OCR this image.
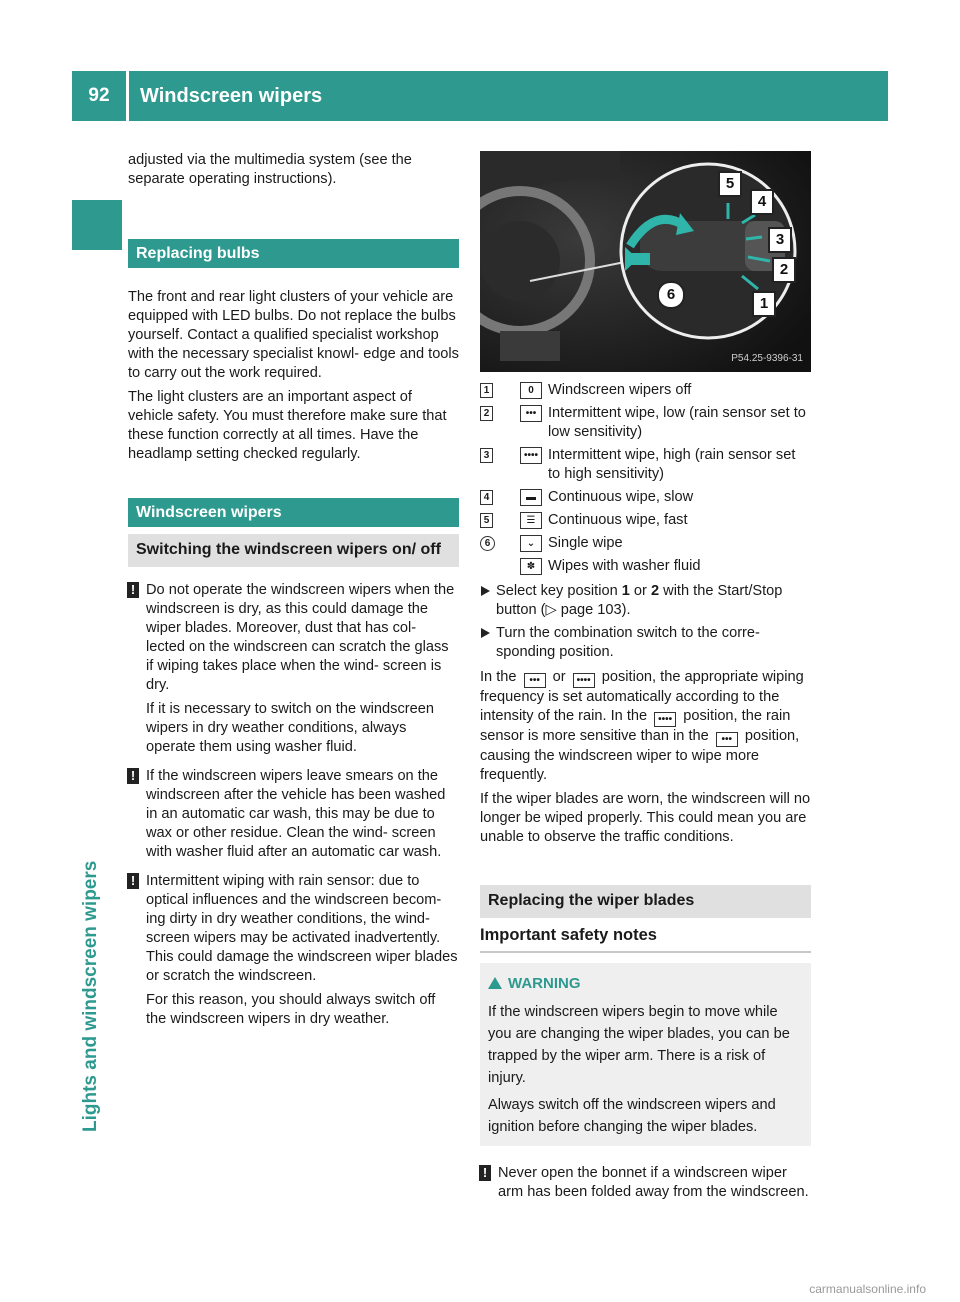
92	Windscreen wipers
Lights and windscreen wipers

adjusted via the multimedia system (see the separate operating instructions).

Replacing bulbs

The front and rear light clusters of your vehicle are equipped with LED bulbs. Do not replace the bulbs yourself. Contact a qualified specialist workshop with the necessary specialist knowl- edge and tools to carry out the work required.

The light clusters are an important aspect of vehicle safety. You must therefore make sure that these function correctly at all times. Have the headlamp setting checked regularly.

Windscreen wipers
Switching the windscreen wipers on/ off
! Do not operate the windscreen wipers when the windscreen is dry, as this could damage the wiper blades. Moreover, dust that has col- lected on the windscreen can scratch the glass if wiping takes place when the wind- screen is dry.

If it is necessary to switch on the windscreen wipers in dry weather conditions, always operate them using washer fluid.

! If the windscreen wipers leave smears on the windscreen after the vehicle has been washed in an automatic car wash, this may be due to wax or other residue. Clean the wind- screen with washer fluid after an automatic car wash.
! Intermittent wiping with rain sensor: due to optical influences and the windscreen becom- ing dirty in dry weather conditions, the wind- screen wipers may be activated inadvertently. This could damage the windscreen wiper blades or scratch the windscreen.

For this reason, you should always switch off the windscreen wipers in dry weather.

5
4
3
2
1
6
P54.25-9396-31
1	0 Windscreen wipers off
2	••• Intermittent wipe, low (rain sensor set to low sensitivity)
3	•••• Intermittent wipe, high (rain sensor set to high sensitivity)
4	▬ Continuous wipe, slow
5	☰ Continuous wipe, fast
6	⌄ Single wipe
✽ Wipes with washer fluid
Select key position 1 or 2 with the Start/Stop button (▷ page 103).
Turn the combination switch to the corre- sponding position.

In the ••• or •••• position, the appropriate wiping frequency is set automatically according to the intensity of the rain. In the •••• position, the rain sensor is more sensitive than in the ••• position, causing the windscreen wiper to wipe more frequently.

If the wiper blades are worn, the windscreen will no longer be wiped properly. This could mean you are unable to observe the traffic conditions.

Replacing the wiper blades
Important safety notes
WARNING

If the windscreen wipers begin to move while you are changing the wiper blades, you can be trapped by the wiper arm. There is a risk of injury.

Always switch off the windscreen wipers and ignition before changing the wiper blades.

! Never open the bonnet if a windscreen wiper arm has been folded away from the windscreen.
carmanualsonline.info
